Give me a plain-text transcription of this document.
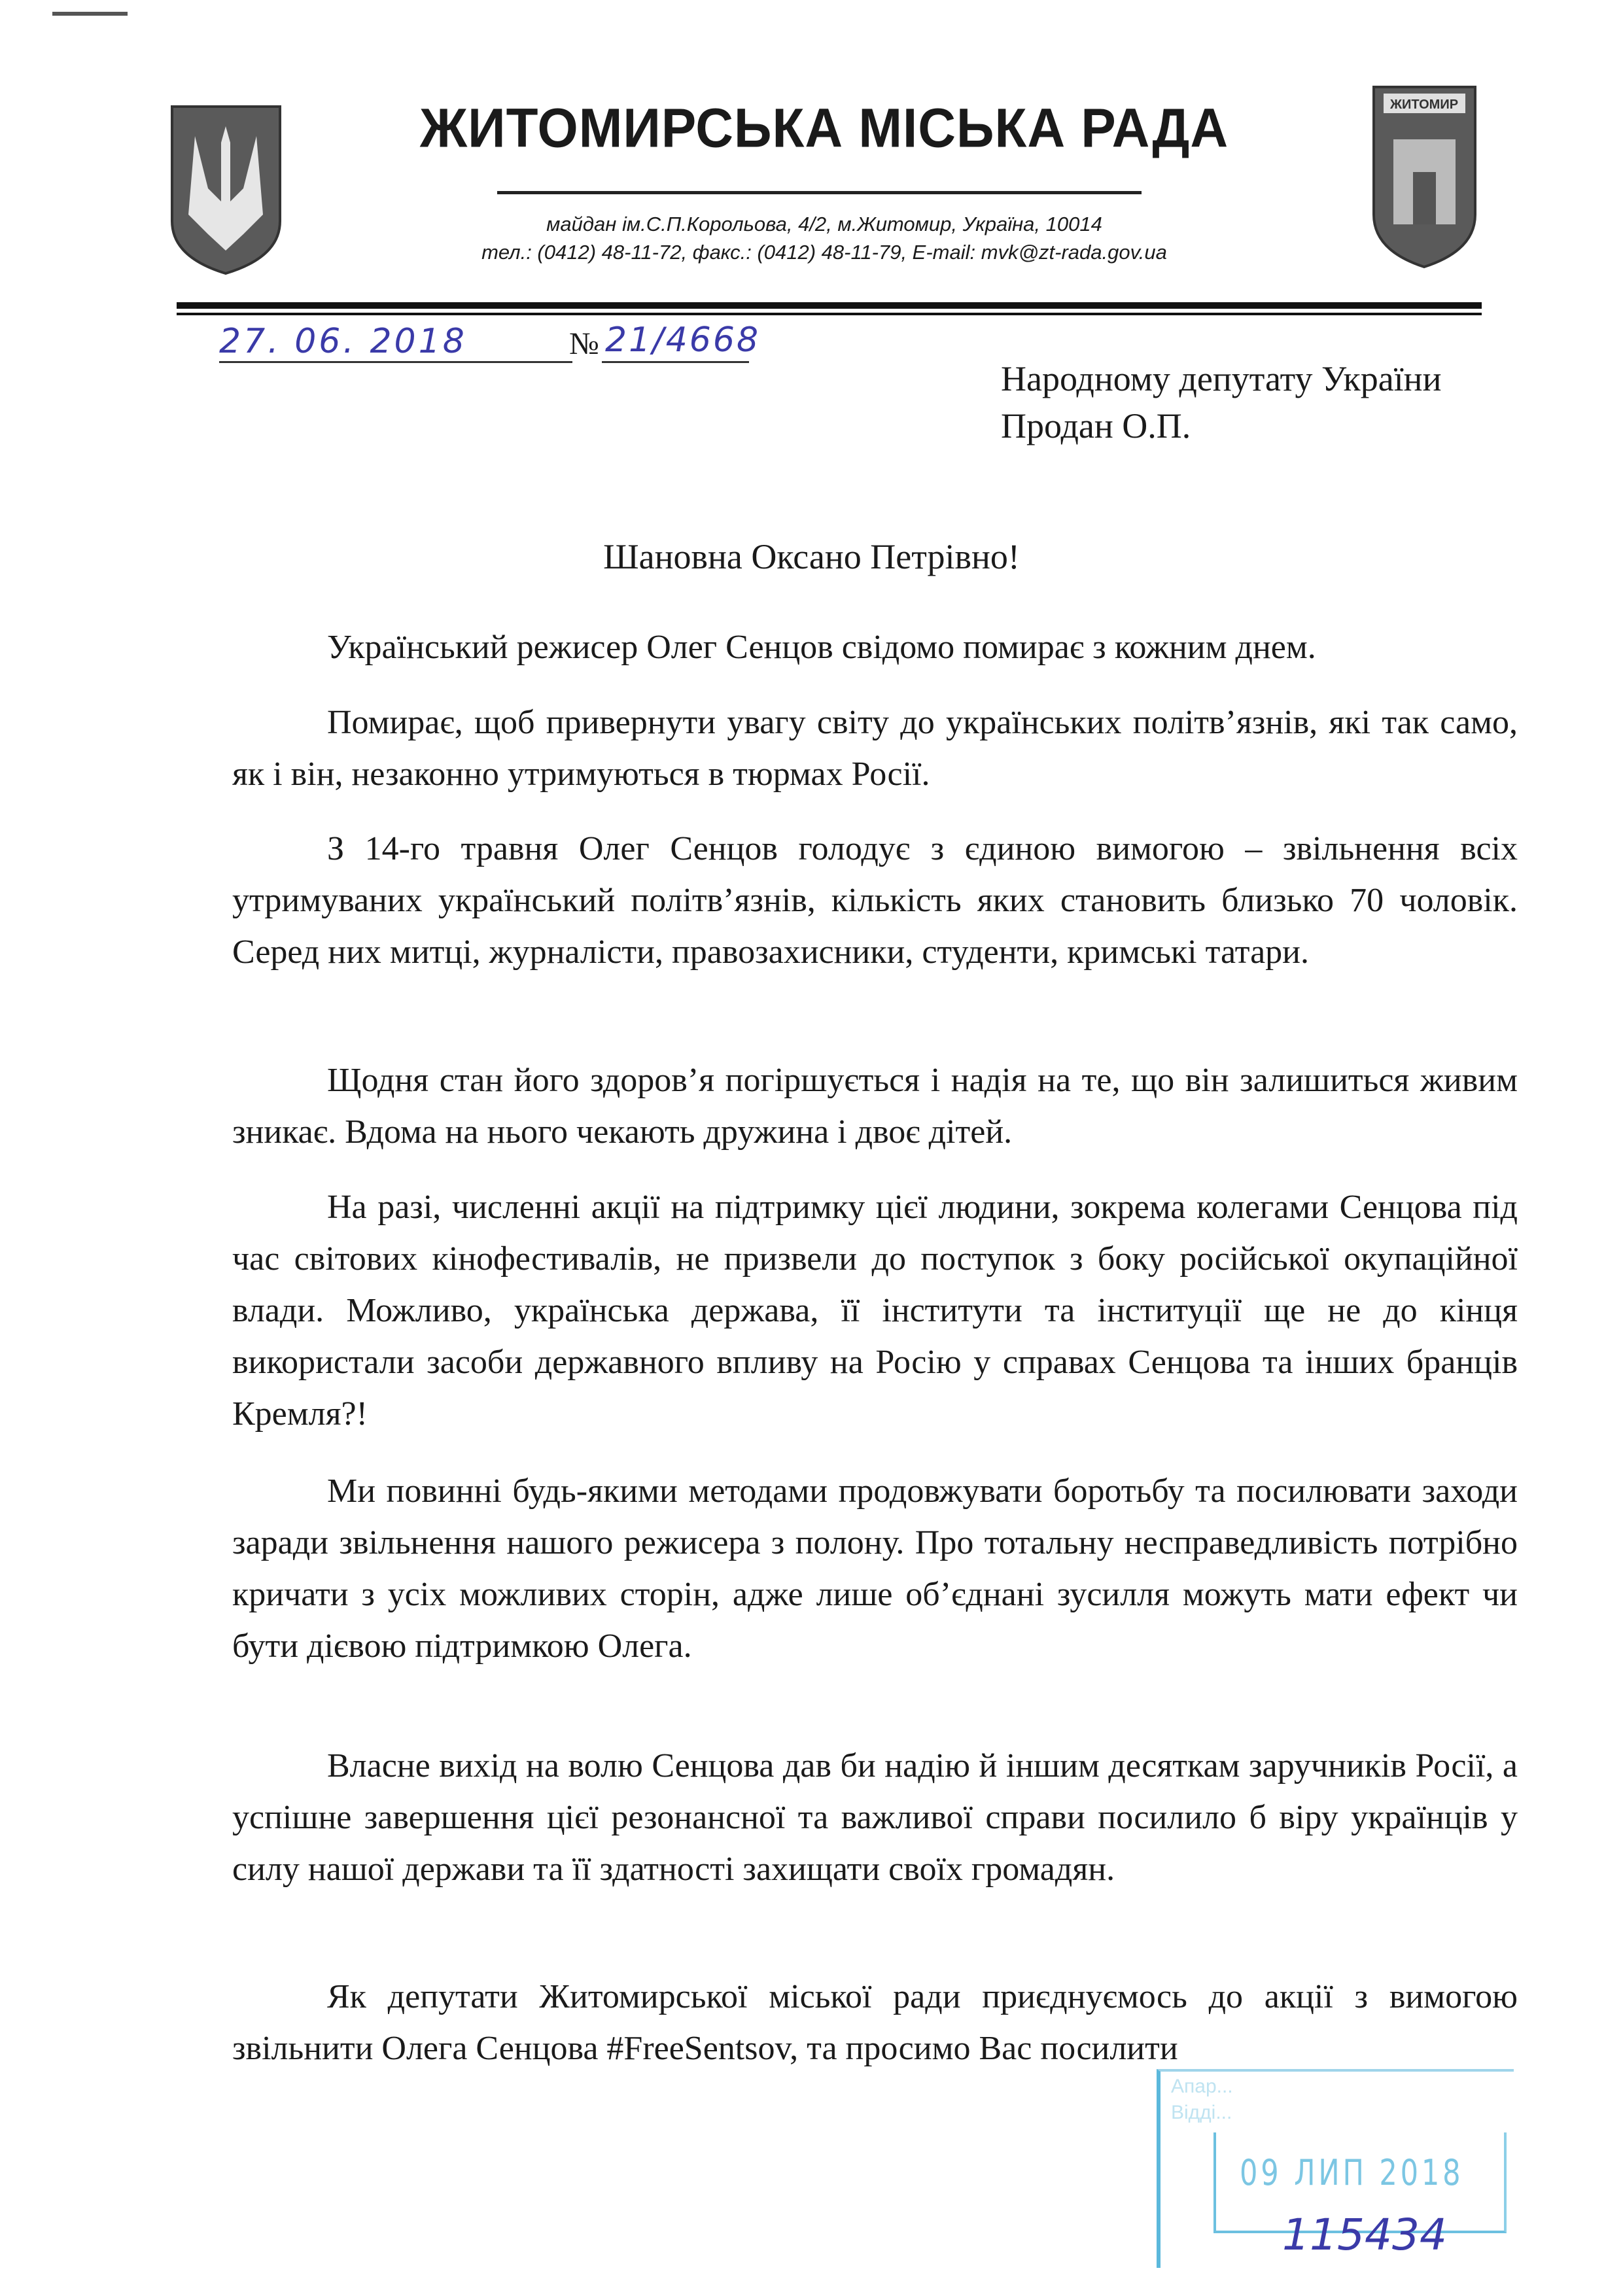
ЖИТОМИР
ЖИТОМИРСЬКА МІСЬКА РАДА
майдан ім.С.П.Корольова, 4/2, м.Житомир, Україна, 10014
тел.: (0412) 48-11-72, факс.: (0412) 48-11-79, E-mail: mvk@zt-rada.gov.ua
27. 06. 2018	№ 21/4668
Народному депутату України
Продан О.П.
Шановна Оксано Петрівно!
Український режисер Олег Сенцов свідомо помирає з кожним днем.
Помирає, щоб привернути увагу світу до українських політв’язнів, які так само, як і він, незаконно утримуються в тюрмах Росії.
З 14-го травня Олег Сенцов голодує з єдиною вимогою – звільнення всіх утримуваних український політв’язнів, кількість яких становить близько 70 чоловік. Серед них митці, журналісти, правозахисники, студенти, кримські татари.
Щодня стан його здоров’я погіршується і надія на те, що він залишиться живим зникає. Вдома на нього чекають дружина і двоє дітей.
На разі, численні акції на підтримку цієї людини, зокрема колегами Сенцова під час світових кінофестивалів, не призвели до поступок з боку російської окупаційної влади. Можливо, українська держава, її інститути та інституції ще не до кінця використали засоби державного впливу на Росію у справах Сенцова та інших бранців Кремля?!
Ми повинні будь-якими методами продовжувати боротьбу та посилювати заходи заради звільнення нашого режисера з полону. Про тотальну несправедливість потрібно кричати з усіх можливих сторін, адже лише об’єднані зусилля можуть мати ефект чи бути дієвою підтримкою Олега.
Власне вихід на волю Сенцова дав би надію й іншим десяткам заручників Росії, а успішне завершення цієї резонансної та важливої справи посилило б віру українців у силу нашої держави та її здатності захищати своїх громадян.
Як депутати Житомирської міської ради приєднуємось до акції з вимогою звільнити Олега Сенцова #FreeSentsov, та просимо Вас посилити
Апар...
Відді...
09 ЛИП 2018
115434
